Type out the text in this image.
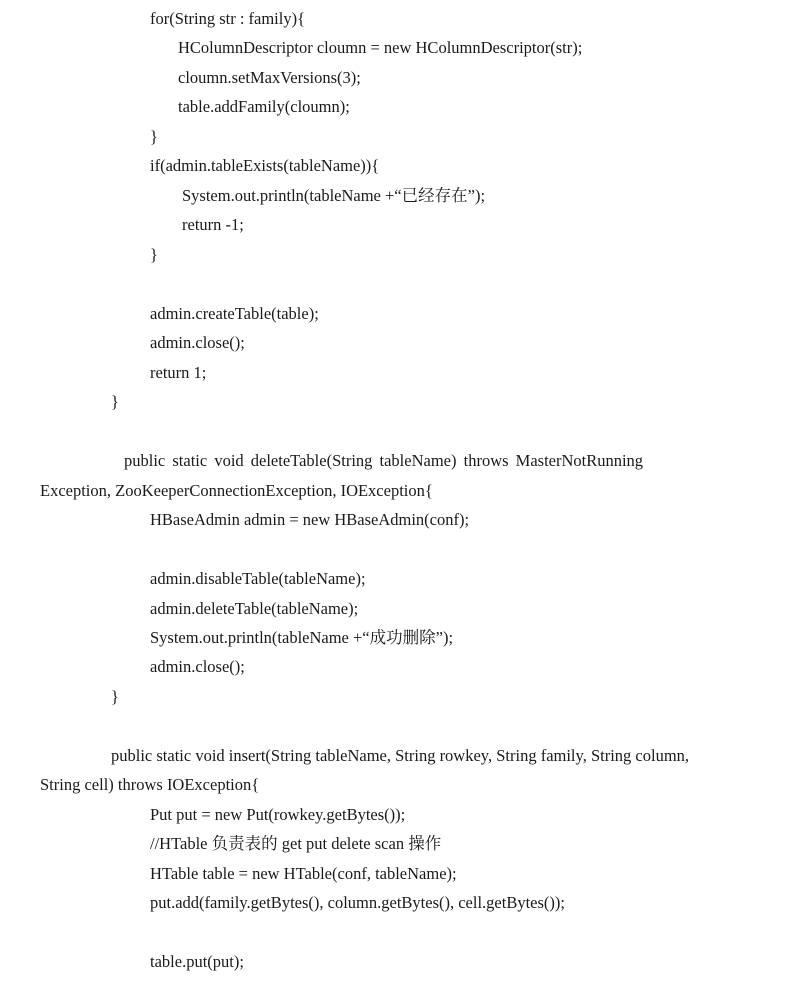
for(String str : family){
HColumnDescriptor cloumn = new HColumnDescriptor(str);
cloumn.setMaxVersions(3);
table.addFamily(cloumn);
}
if(admin.tableExists(tableName)){
System.out.println(tableName +“已经存在”);
return -1;
}
admin.createTable(table);
admin.close();
return 1;
}
public static void deleteTable(String tableName) throws MasterNotRunning
Exception, ZooKeeperConnectionException, IOException{
HBaseAdmin admin = new HBaseAdmin(conf);
admin.disableTable(tableName);
admin.deleteTable(tableName);
System.out.println(tableName +“成功删除”);
admin.close();
}
public static void insert(String tableName, String rowkey, String family, String column,
String cell) throws IOException{
Put put = new Put(rowkey.getBytes());
//HTable 负责表的 get put delete scan 操作
HTable table = new HTable(conf, tableName);
put.add(family.getBytes(), column.getBytes(), cell.getBytes());
table.put(put);
